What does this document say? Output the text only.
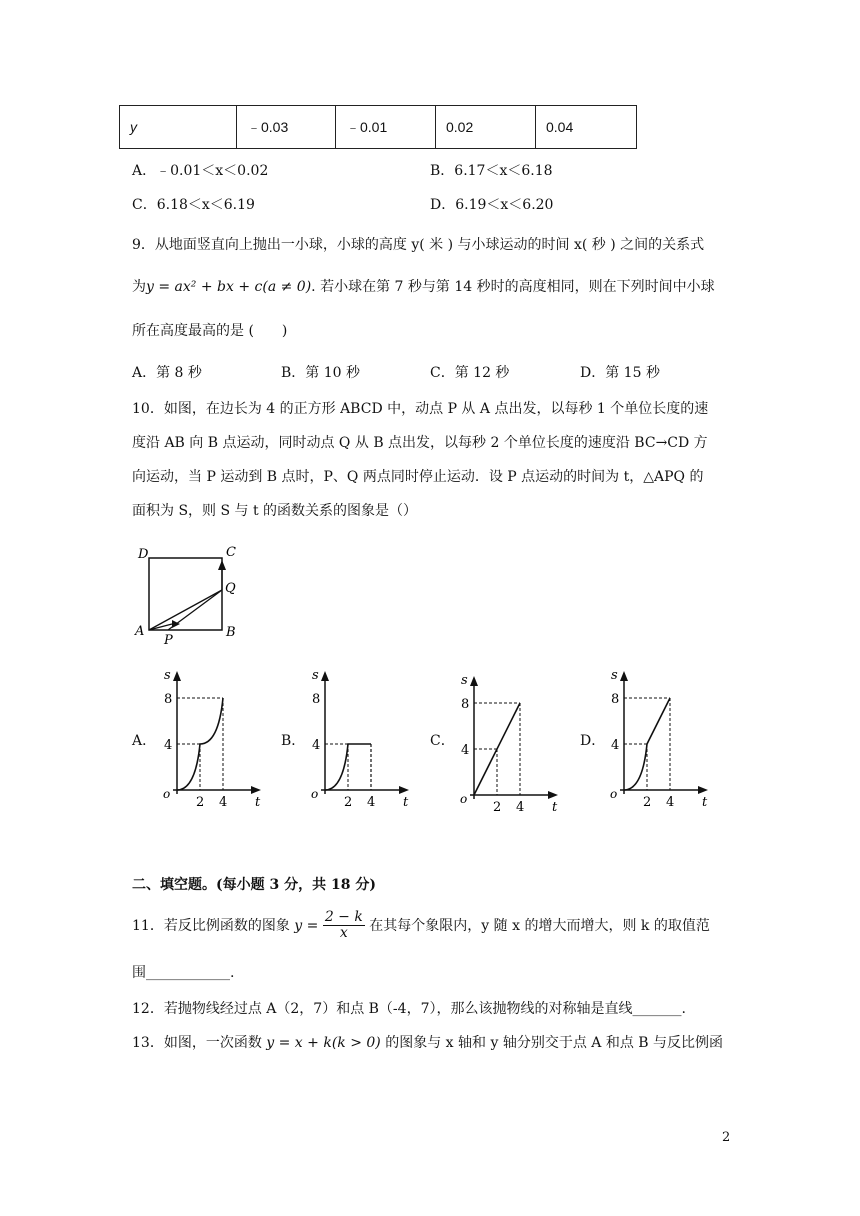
y	﹣0.03	﹣0.01	0.02	0.04
A．﹣0.01＜x＜0.02	B．6.17＜x＜6.18
C．6.18＜x＜6.19	D．6.19＜x＜6.20
9．从地面竖直向上抛出一小球，小球的高度 y( 米 ) 与小球运动的时间 x( 秒 ) 之间的关系式
为y = ax² + bx + c(a ≠ 0). 若小球在第 7 秒与第 14 秒时的高度相同，则在下列时间中小球
所在高度最高的是 (　　)
A．第 8 秒	B．第 10 秒	C．第 12 秒	D．第 15 秒
10．如图，在边长为 4 的正方形 ABCD 中，动点 P 从 A 点出发，以每秒 1 个单位长度的速
度沿 AB 向 B 点运动，同时动点 Q 从 B 点出发，以每秒 2 个单位长度的速度沿 BC→CD 方
向运动，当 P 运动到 B 点时，P、Q 两点同时停止运动．设 P 点运动的时间为 t，△APQ 的
面积为 S，则 S 与 t 的函数关系的图象是（）
D	C
Q
A
P
B
A．	B．	C．	D．
s
t
o
2 4
4
8
s
t
o
2 4
4
8
s
t
o
2 4
4
8
s
t
o
2 4
4
8
二、填空题。(每小题 3 分，共 18 分)
11．若反比例函数的图象 $y = \frac{2 - k}{x}$ 在其每个象限内，y 随 x 的增大而增大，则 k 的取值范
围____________.
12．若抛物线经过点 A（2，7）和点 B（-4，7），那么该抛物线的对称轴是直线_______.
13．如图，一次函数 y = x + k(k > 0) 的图象与 x 轴和 y 轴分别交于点 A 和点 B 与反比例函
2
